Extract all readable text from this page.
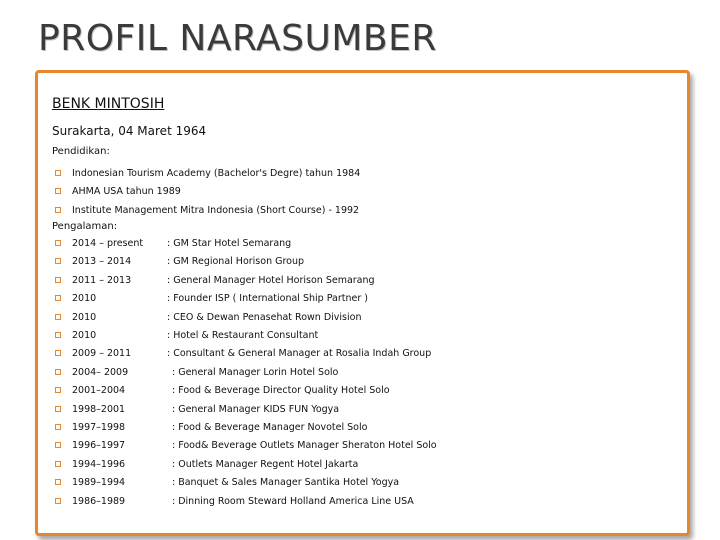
PROFIL NARASUMBER
BENK MINTOSIH
Surakarta, 04 Maret 1964
Pendidikan:
Indonesian Tourism Academy (Bachelor's Degre) tahun 1984
AHMA USA tahun 1989
Institute Management Mitra Indonesia (Short Course) - 1992
Pengalaman:
2014 – present	: GM Star Hotel Semarang
2013 – 2014	: GM Regional Horison Group
2011 – 2013	: General Manager Hotel Horison Semarang
2010	: Founder ISP ( International Ship Partner )
2010	: CEO & Dewan Penasehat Rown Division
2010	: Hotel & Restaurant Consultant
2009 – 2011	: Consultant & General Manager at Rosalia Indah Group
2004– 2009	: General Manager Lorin Hotel Solo
2001–2004	: Food & Beverage Director Quality Hotel Solo
1998–2001	: General Manager KIDS FUN Yogya
1997–1998	: Food & Beverage Manager Novotel Solo
1996–1997	: Food& Beverage Outlets Manager Sheraton Hotel Solo
1994–1996	: Outlets Manager Regent Hotel Jakarta
1989–1994	: Banquet & Sales Manager Santika Hotel Yogya
1986–1989	: Dinning Room Steward Holland America Line USA
